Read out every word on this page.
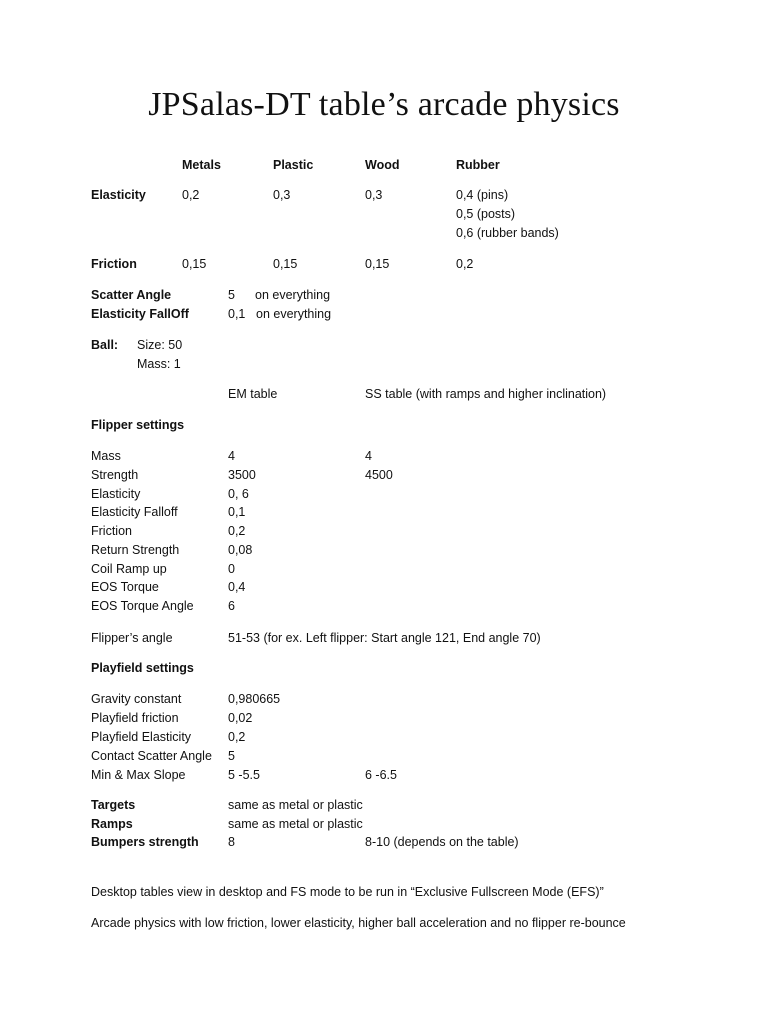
JPSalas-DT table’s arcade physics
Metals	Plastic	Wood	Rubber
Elasticity	0,2	0,3	0,3	0,4 (pins)
0,5 (posts)
0,6 (rubber bands)
Friction	0,15	0,15	0,15	0,2
Scatter Angle	5 on everything
Elasticity FallOff	0,1 on everything
Ball: Size: 50
Mass: 1
EM table	SS table (with ramps and higher inclination)
Flipper settings
Mass	4	4
Strength	3500	4500
Elasticity	0, 6
Elasticity Falloff	0,1
Friction	0,2
Return Strength	0,08
Coil Ramp up	0
EOS Torque	0,4
EOS Torque Angle	6
Flipper’s angle	51-53 (for ex. Left flipper: Start angle 121, End angle 70)
Playfield settings
Gravity constant	0,980665
Playfield friction	0,02
Playfield Elasticity	0,2
Contact Scatter Angle 5
Min & Max Slope	5 -5.5	6 -6.5
Targets	same as metal or plastic
Ramps	same as metal or plastic
Bumpers strength 8	8-10 (depends on the table)
Desktop tables view in desktop and FS mode to be run in “Exclusive Fullscreen Mode (EFS)”
Arcade physics with low friction, lower elasticity, higher ball acceleration and no flipper re-bounce
